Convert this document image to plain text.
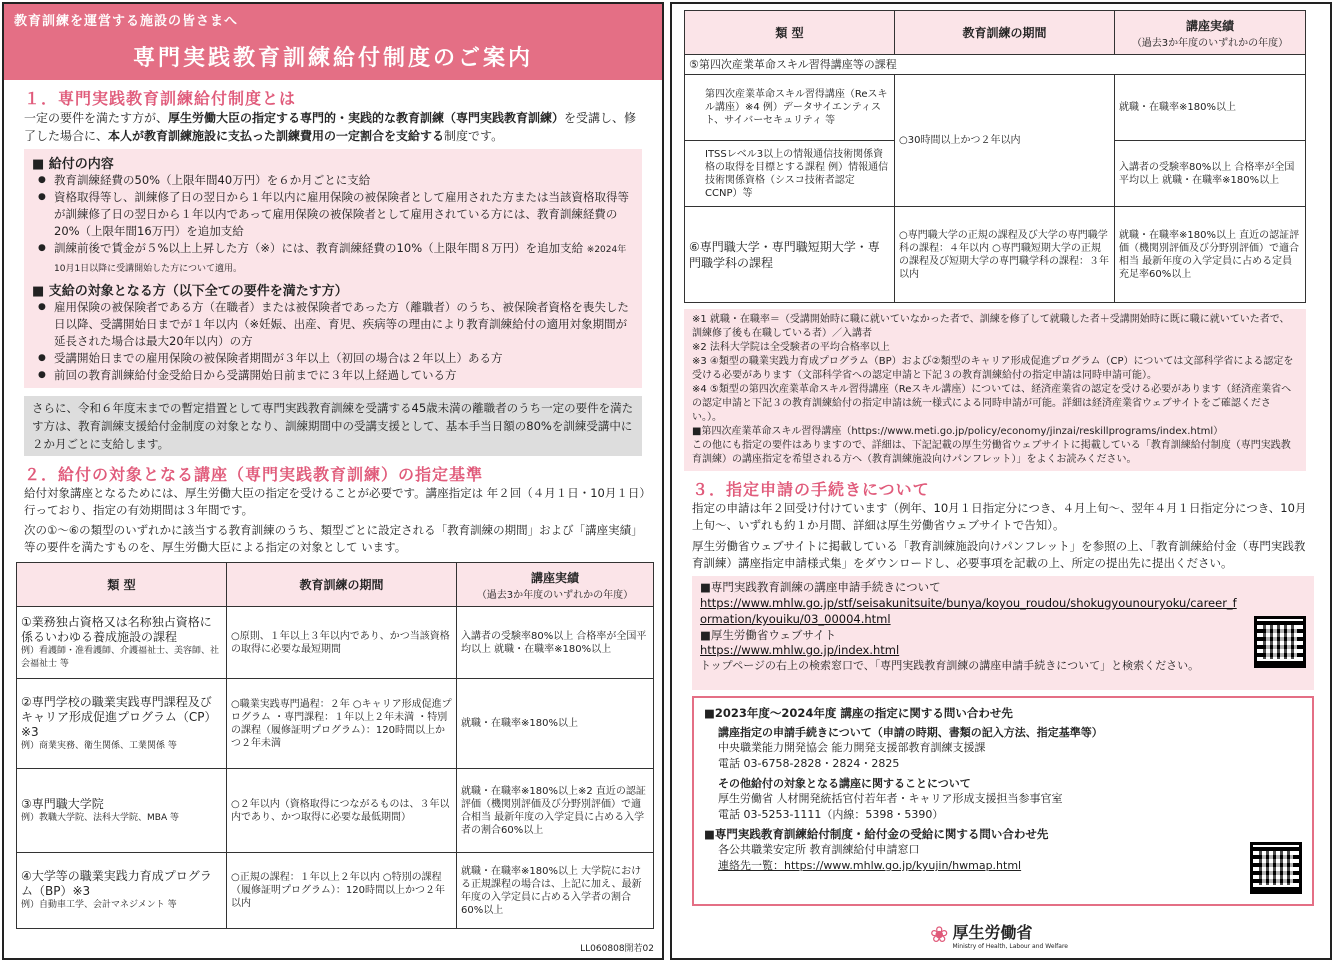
教育訓練を運営する施設の皆さまへ
専門実践教育訓練給付制度のご案内
１．専門実践教育訓練給付制度とは
一定の要件を満たす方が、厚生労働大臣の指定する専門的・実践的な教育訓練（専門実践教育訓練）を受講し、修了した場合に、本人が教育訓練施設に支払った訓練費用の一定割合を支給する制度です。
■ 給付の内容
● 教育訓練経費の50%（上限年間40万円）を６か月ごとに支給
● 資格取得等し、訓練修了日の翌日から１年以内に雇用保険の被保険者として雇用された方または当該資格取得等が訓練修了日の翌日から１年以内であって雇用保険の被保険者として雇用されている方には、教育訓練経費の20%（上限年間16万円）を追加支給
● 訓練前後で賃金が５%以上上昇した方（※）には、教育訓練経費の10%（上限年間８万円）を追加支給 ※2024年10月1日以降に受講開始した方について適用。
■ 支給の対象となる方（以下全ての要件を満たす方）
● 雇用保険の被保険者である方（在職者）または被保険者であった方（離職者）のうち、被保険者資格を喪失した日以降、受講開始日までが１年以内（※妊娠、出産、育児、疾病等の理由により教育訓練給付の適用対象期間が延長された場合は最大20年以内）の方
● 受講開始日までの雇用保険の被保険者期間が３年以上（初回の場合は２年以上）ある方
● 前回の教育訓練給付金受給日から受講開始日前までに３年以上経過している方
さらに、令和６年度末までの暫定措置として専門実践教育訓練を受講する45歳未満の離職者のうち一定の要件を満たす方は、教育訓練支援給付金制度の対象となり、訓練期間中の受講支援として、基本手当日額の80%を訓練受講中に２か月ごとに支給します。
２．給付の対象となる講座（専門実践教育訓練）の指定基準
給付対象講座となるためには、厚生労働大臣の指定を受けることが必要です。講座指定は 年２回（４月１日・10月１日）行っており、指定の有効期間は３年間です。
次の①～⑥の類型のいずれかに該当する教育訓練のうち、類型ごとに設定される「教育訓練の期間」および「講座実績」等の要件を満たすものを、厚生労働大臣による指定の対象として います。
類 型	教育訓練の期間	講座実績
（過去3か年度のいずれかの年度）

①業務独占資格又は名称独占資格に係るいわゆる養成施設の課程
例）看護師・准看護師、介護福祉士、美容師、社会福祉士 等	○原則、１年以上３年以内であり、かつ当該資格の取得に必要な最短期間	入講者の受験率80%以上 合格率が全国平均以上 就職・在職率※180%以上

②専門学校の職業実践専門課程及びキャリア形成促進プログラム（CP）※3
例）商業実務、衛生関係、工業関係 等	○職業実践専門過程：２年 ○キャリア形成促進プログラム ・専門課程：１年以上２年未満 ・特別の課程（履修証明プログラム）：120時間以上かつ２年未満	就職・在職率※180%以上

③専門職大学院
例）教職大学院、法科大学院、MBA 等	○２年以内（資格取得につながるものは、３年以内であり、かつ取得に必要な最低期間）	就職・在職率※180%以上※2 直近の認証評価（機関別評価及び分野別評価）で適合相当 最新年度の入学定員に占める入学者の割合60%以上

④大学等の職業実践力育成プログラム（BP）※3
例）自動車工学、会計マネジメント 等	○正規の課程：１年以上２年以内 ○特別の課程（履修証明プログラム）：120時間以上かつ２年以内	就職・在職率※180%以上 大学院における正規課程の場合は、上記に加え、最新年度の入学定員に占める入学者の割合60%以上
LL060808開若02
類 型	教育訓練の期間	講座実績
（過去3か年度のいずれかの年度）

⑤第四次産業革命スキル習得講座等の課程		
第四次産業革命スキル習得講座（Reスキル講座）※4 例）データサイエンティスト、サイバーセキュリティ 等	○30時間以上かつ２年以内	就職・在職率※180%以上
ITSSレベル3以上の情報通信技術関係資格の取得を目標とする課程 例）情報通信技術関係資格（シスコ技術者認定 CCNP）等		入講者の受験率80%以上 合格率が全国平均以上 就職・在職率※180%以上
⑥専門職大学・専門職短期大学・専門職学科の課程	○専門職大学の正規の課程及び大学の専門職学科の課程：４年以内 ○専門職短期大学の正規の課程及び短期大学の専門職学科の課程：３年以内	就職・在職率※180%以上 直近の認証評価（機関別評価及び分野別評価）で適合相当 最新年度の入学定員に占める定員充足率60%以上
※1 就職・在職率＝（受講開始時に職に就いていなかった者で、訓練を修了して就職した者＋受講開始時に既に職に就いていた者で、訓練修了後も在職している者）／入講者
※2 法科大学院は全受験者の平均合格率以上
※3 ④類型の職業実践力育成プログラム（BP）および②類型のキャリア形成促進プログラム（CP）については文部科学省による認定を受ける必要があります（文部科学省への認定申請と下記３の教育訓練給付の指定申請は同時申請可能）。
※4 ⑤類型の第四次産業革命スキル習得講座（Reスキル講座）については、経済産業省の認定を受ける必要があります（経済産業省への認定申請と下記３の教育訓練給付の指定申請は統一様式による同時申請が可能。詳細は経済産業省ウェブサイトをご確認ください。）。
■第四次産業革命スキル習得講座（https://www.meti.go.jp/policy/economy/jinzai/reskillprograms/index.html）
この他にも指定の要件はありますので、詳細は、下記記載の厚生労働省ウェブサイトに掲載している「教育訓練給付制度（専門実践教育訓練）の講座指定を希望される方へ（教育訓練施設向けパンフレット）」をよくお読みください。
３．指定申請の手続きについて
指定の申請は年２回受け付けています（例年、10月１日指定分につき、４月上旬～、翌年４月１日指定分につき、10月上旬～、いずれも約１か月間、詳細は厚生労働省ウェブサイトで告知）。
厚生労働省ウェブサイトに掲載している「教育訓練施設向けパンフレット」を参照の上、「教育訓練給付金（専門実践教育訓練）講座指定申請様式集」をダウンロードし、必要事項を記載の上、所定の提出先に提出ください。
■専門実践教育訓練の講座申請手続きについて
https://www.mhlw.go.jp/stf/seisakunitsuite/bunya/koyou_roudou/shokugyounouryoku/career_formation/kyouiku/03_00004.html
■厚生労働省ウェブサイト
https://www.mhlw.go.jp/index.html
トップページの右上の検索窓口で、「専門実践教育訓練の講座申請手続きについて」と検索ください。
■2023年度～2024年度 講座の指定に関する問い合わせ先
講座指定の申請手続きについて（申請の時期、書類の記入方法、指定基準等）
中央職業能力開発協会 能力開発支援部教育訓練支援課
電話 03-6758-2828・2824・2825
その他給付の対象となる講座に関することについて
厚生労働省 人材開発統括官付若年者・キャリア形成支援担当参事官室
電話 03-5253-1111（内線：5398・5390）
■専門実践教育訓練給付制度・給付金の受給に関する問い合わせ先
各公共職業安定所 教育訓練給付申請窓口
連絡先一覧：https://www.mhlw.go.jp/kyujin/hwmap.html
❀ 厚生労働省
Ministry of Health, Labour and Welfare
